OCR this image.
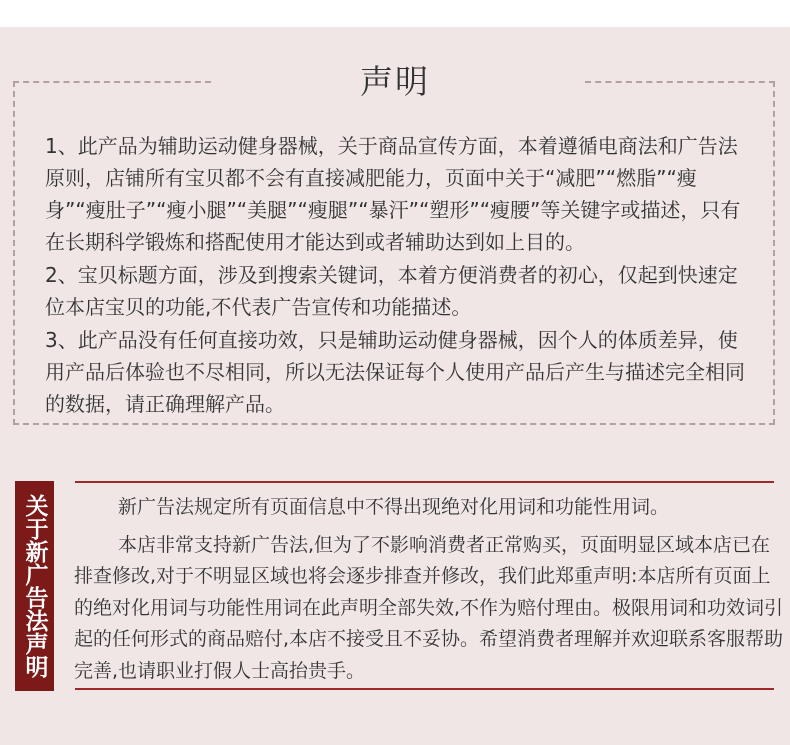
声明

1、此产品为辅助运动健身器械，关于商品宣传方面，本着遵循电商法和广告法原则，店铺所有宝贝都不会有直接减肥能力，页面中关于“减肥”“燃脂”“瘦身”“瘦肚子”“瘦小腿”“美腿”“瘦腿”“暴汗”“塑形”“瘦腰”等关键字或描述，只有在长期科学锻炼和搭配使用才能达到或者辅助达到如上目的。

2、宝贝标题方面，涉及到搜索关键词，本着方便消费者的初心，仅起到快速定位本店宝贝的功能,不代表广告宣传和功能描述。

3、此产品没有任何直接功效，只是辅助运动健身器械，因个人的体质差异，使用产品后体验也不尽相同，所以无法保证每个人使用产品后产生与描述完全相同的数据，请正确理解产品。

关于新广告法声明	新广告法规定所有页面信息中不得出现绝对化用词和功能性用词。

本店非常支持新广告法,但为了不影响消费者正常购买，页面明显区域本店已在排查修改,对于不明显区域也将会逐步排查并修改，我们此郑重声明:本店所有页面上的绝对化用词与功能性用词在此声明全部失效,不作为赔付理由。极限用词和功效词引起的任何形式的商品赔付,本店不接受且不妥协。希望消费者理解并欢迎联系客服帮助完善,也请职业打假人士高抬贵手。
